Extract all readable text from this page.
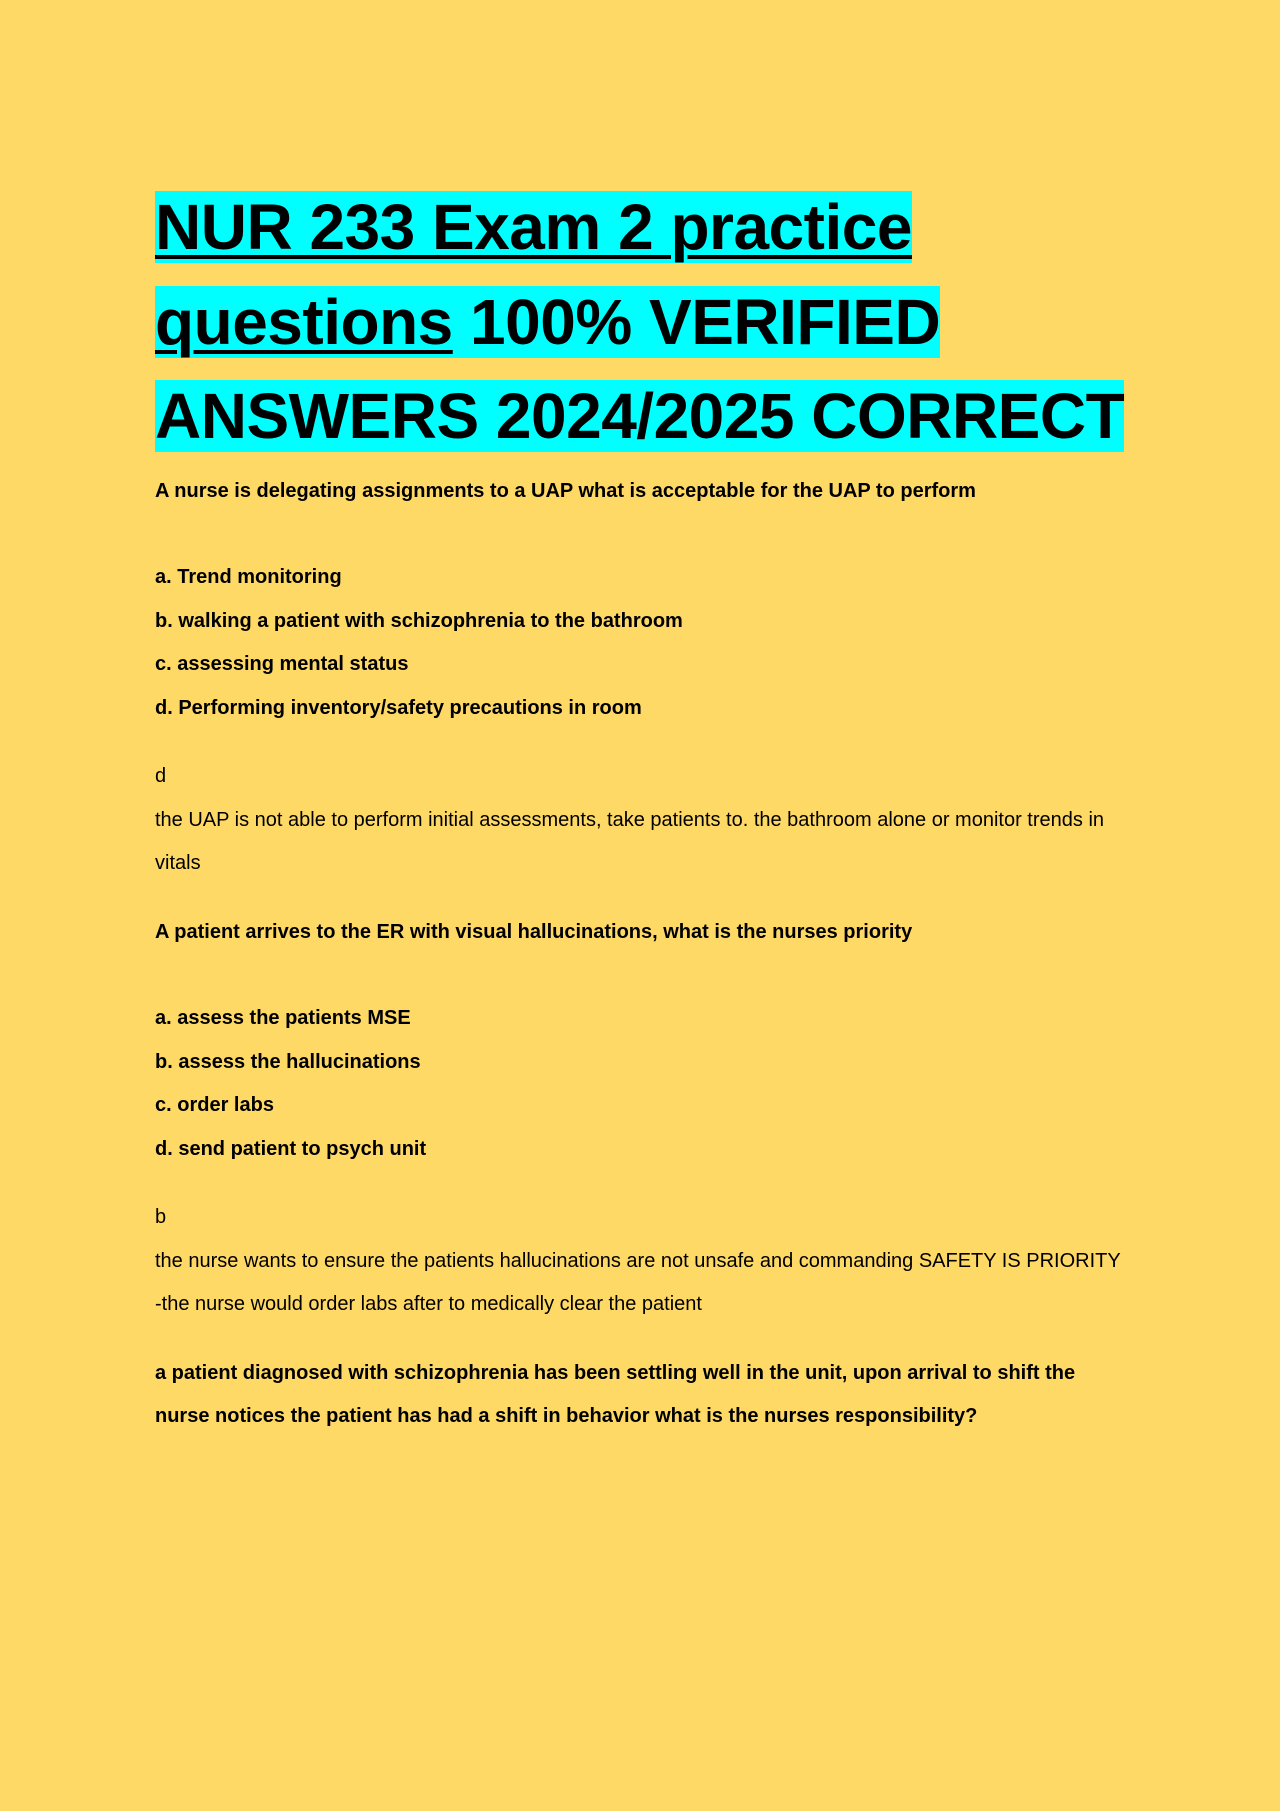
NUR 233 Exam 2 practice questions 100% VERIFIED ANSWERS 2024/2025 CORRECT

A nurse is delegating assignments to a UAP what is acceptable for the UAP to perform

a. Trend monitoring
b. walking a patient with schizophrenia to the bathroom
c. assessing mental status
d. Performing inventory/safety precautions in room

d

the UAP is not able to perform initial assessments, take patients to. the bathroom alone or monitor trends in vitals

A patient arrives to the ER with visual hallucinations, what is the nurses priority

a. assess the patients MSE
b. assess the hallucinations
c. order labs
d. send patient to psych unit

b

the nurse wants to ensure the patients hallucinations are not unsafe and commanding SAFETY IS PRIORITY

-the nurse would order labs after to medically clear the patient

a patient diagnosed with schizophrenia has been settling well in the unit, upon arrival to shift the nurse notices the patient has had a shift in behavior what is the nurses responsibility?
